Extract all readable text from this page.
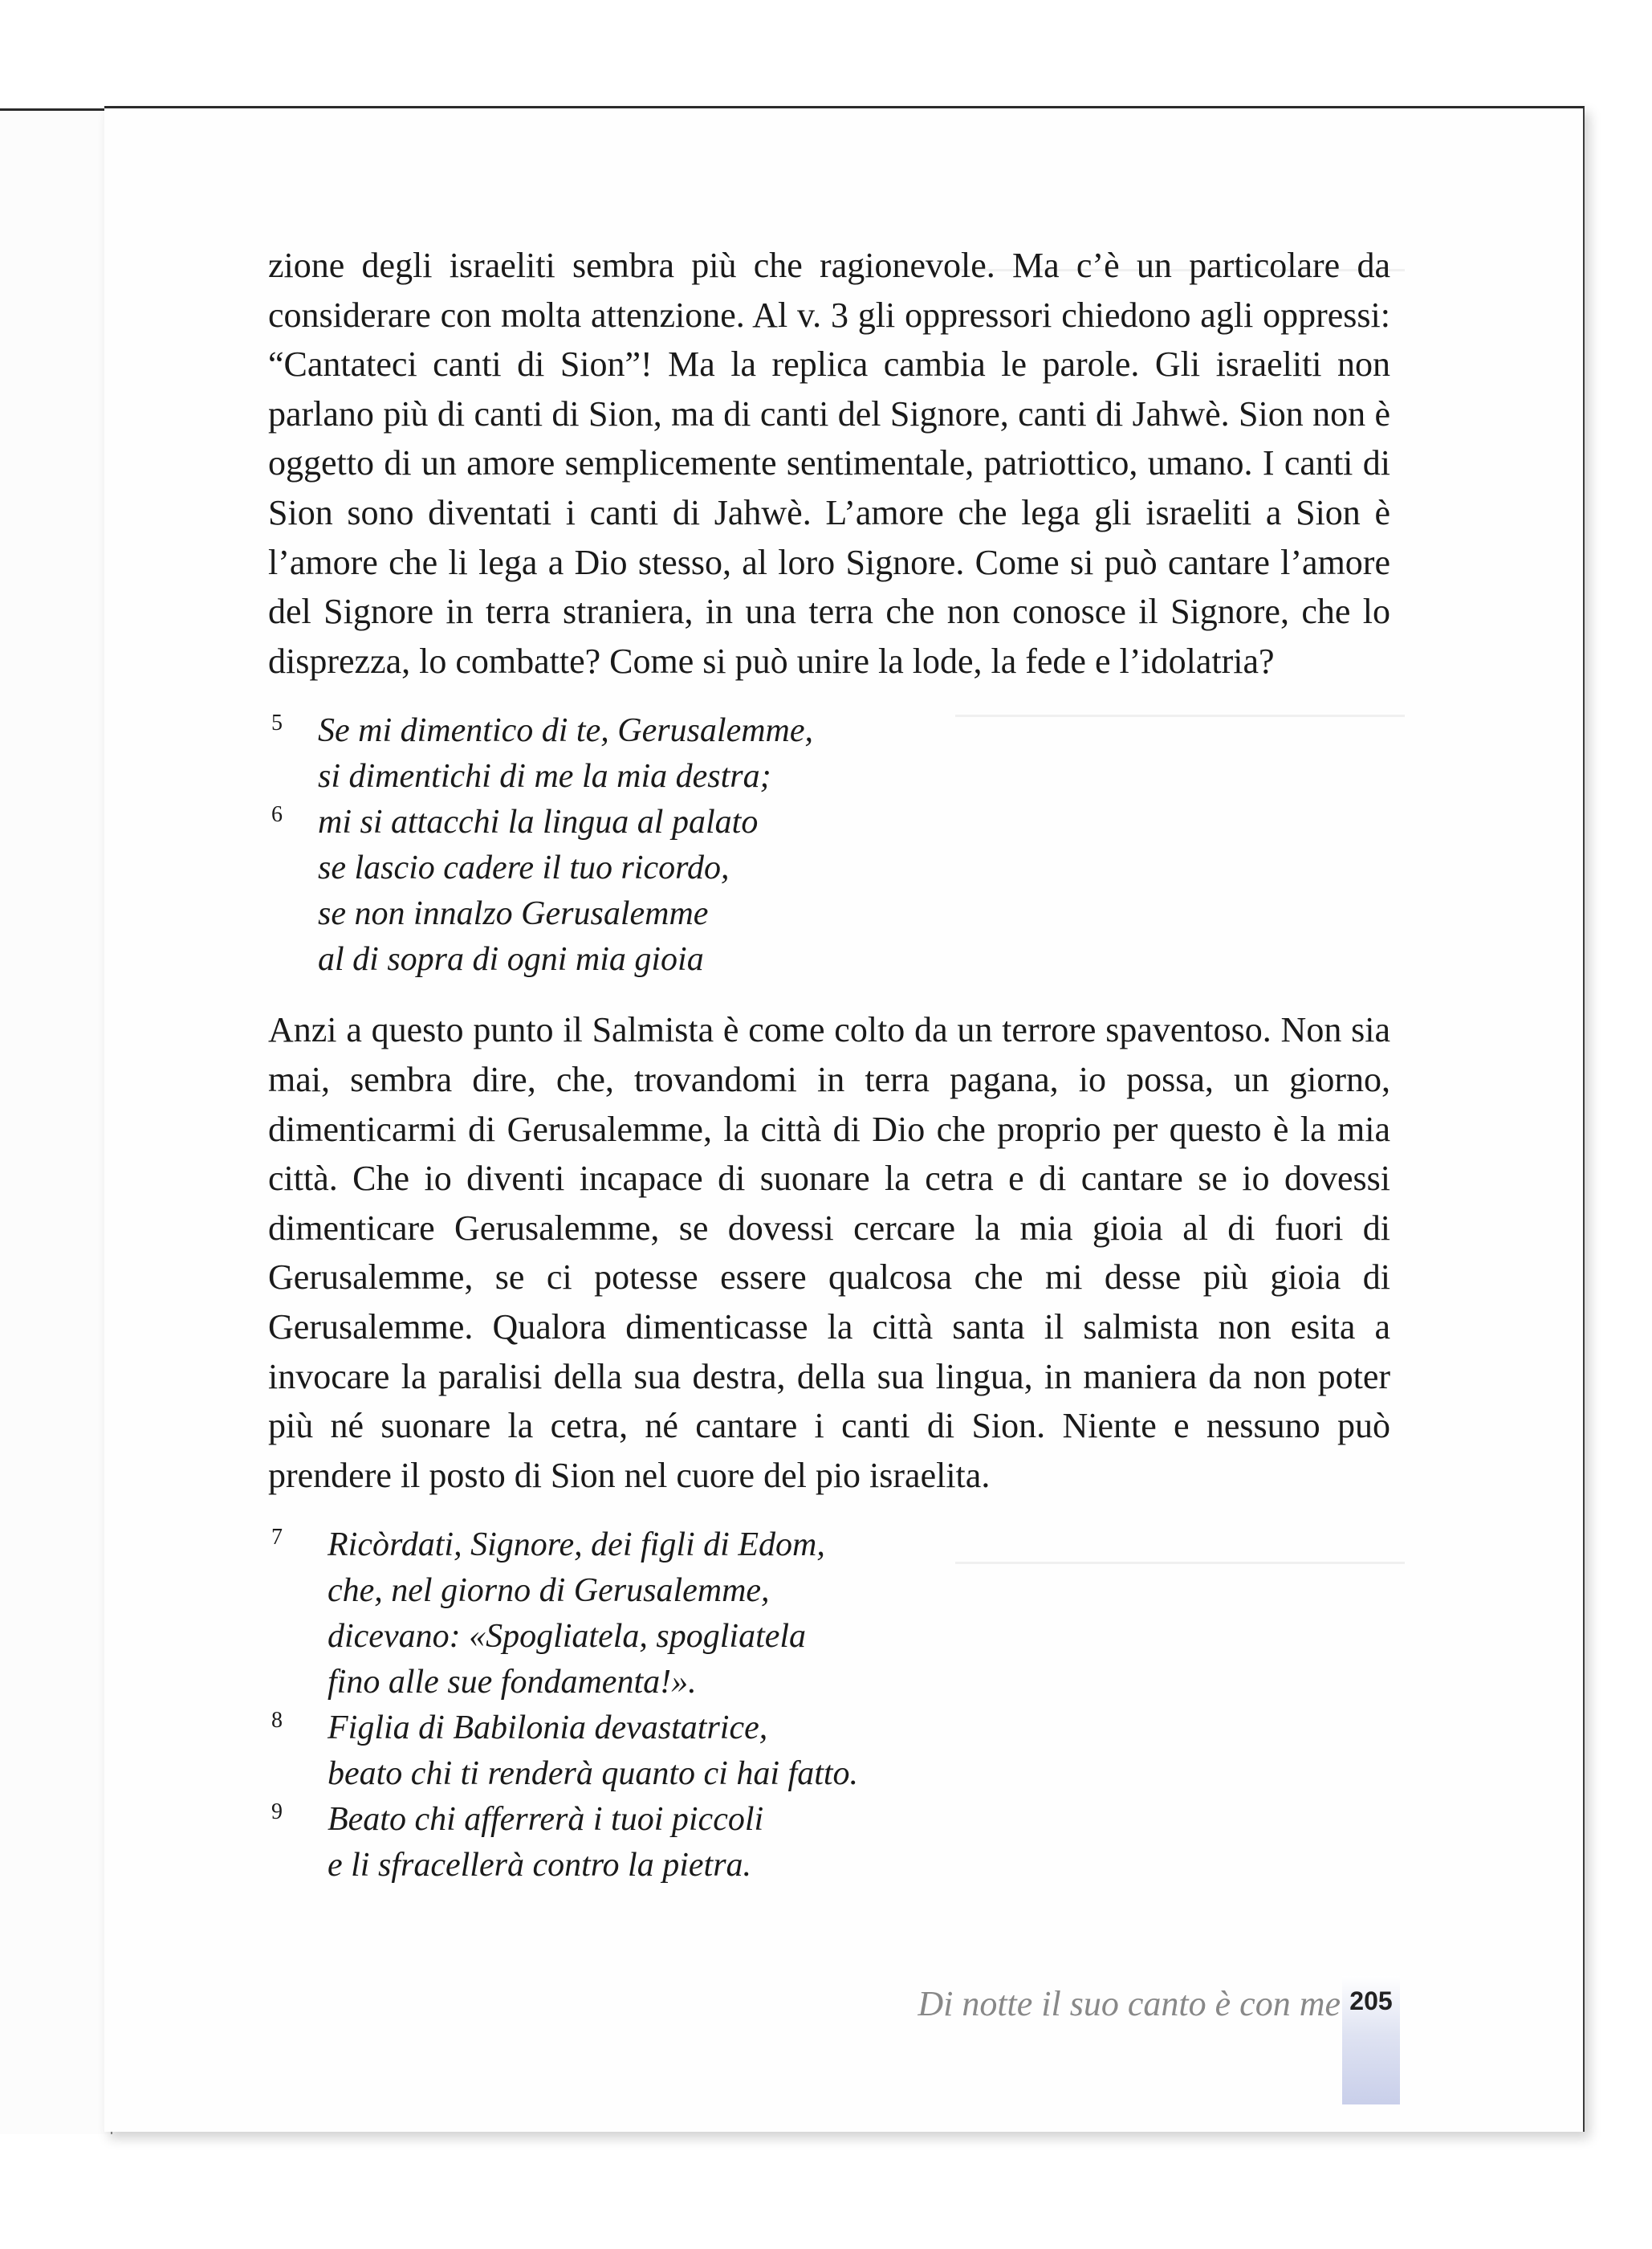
zione degli israeliti sembra più che ragionevole. Ma c’è un particolare da considerare con molta attenzione. Al v. 3 gli oppressori chiedono agli oppressi: “Cantateci canti di Sion”! Ma la replica cambia le parole. Gli israeliti non parlano più di canti di Sion, ma di canti del Signore, canti di Jahwè. Sion non è oggetto di un amore semplicemente sentimentale, patriottico, umano. I canti di Sion sono diventati i canti di Jahwè. L’amore che lega gli israeliti a Sion è l’amore che li lega a Dio stesso, al loro Signore. Come si può cantare l’amore del Signore in terra straniera, in una terra che non conosce il Signore, che lo disprezza, lo combatte? Come si può unire la lode, la fede e l’idolatria?

5 Se mi dimentico di te, Gerusalemme,
si dimentichi di me la mia destra;
6 mi si attacchi la lingua al palato
se lascio cadere il tuo ricordo,
se non innalzo Gerusalemme
al di sopra di ogni mia gioia

Anzi a questo punto il Salmista è come colto da un terrore spaventoso. Non sia mai, sembra dire, che, trovandomi in terra pagana, io possa, un giorno, dimenticarmi di Gerusalemme, la città di Dio che proprio per questo è la mia città. Che io diventi incapace di suonare la cetra e di cantare se io dovessi dimenticare Gerusalemme, se dovessi cercare la mia gioia al di fuori di Gerusalemme, se ci potesse essere qualcosa che mi desse più gioia di Gerusalemme. Qualora dimenticasse la città santa il salmista non esita a invocare la paralisi della sua destra, della sua lingua, in maniera da non poter più né suonare la cetra, né cantare i canti di Sion. Niente e nessuno può prendere il posto di Sion nel cuore del pio israelita.

7 Ricòrdati, Signore, dei figli di Edom,
che, nel giorno di Gerusalemme,
dicevano: «Spogliatela, spogliatela
fino alle sue fondamenta!».
8 Figlia di Babilonia devastatrice,
beato chi ti renderà quanto ci hai fatto.
9 Beato chi afferrerà i tuoi piccoli
e li sfracellerà contro la pietra.
Di notte il suo canto è con me 205
